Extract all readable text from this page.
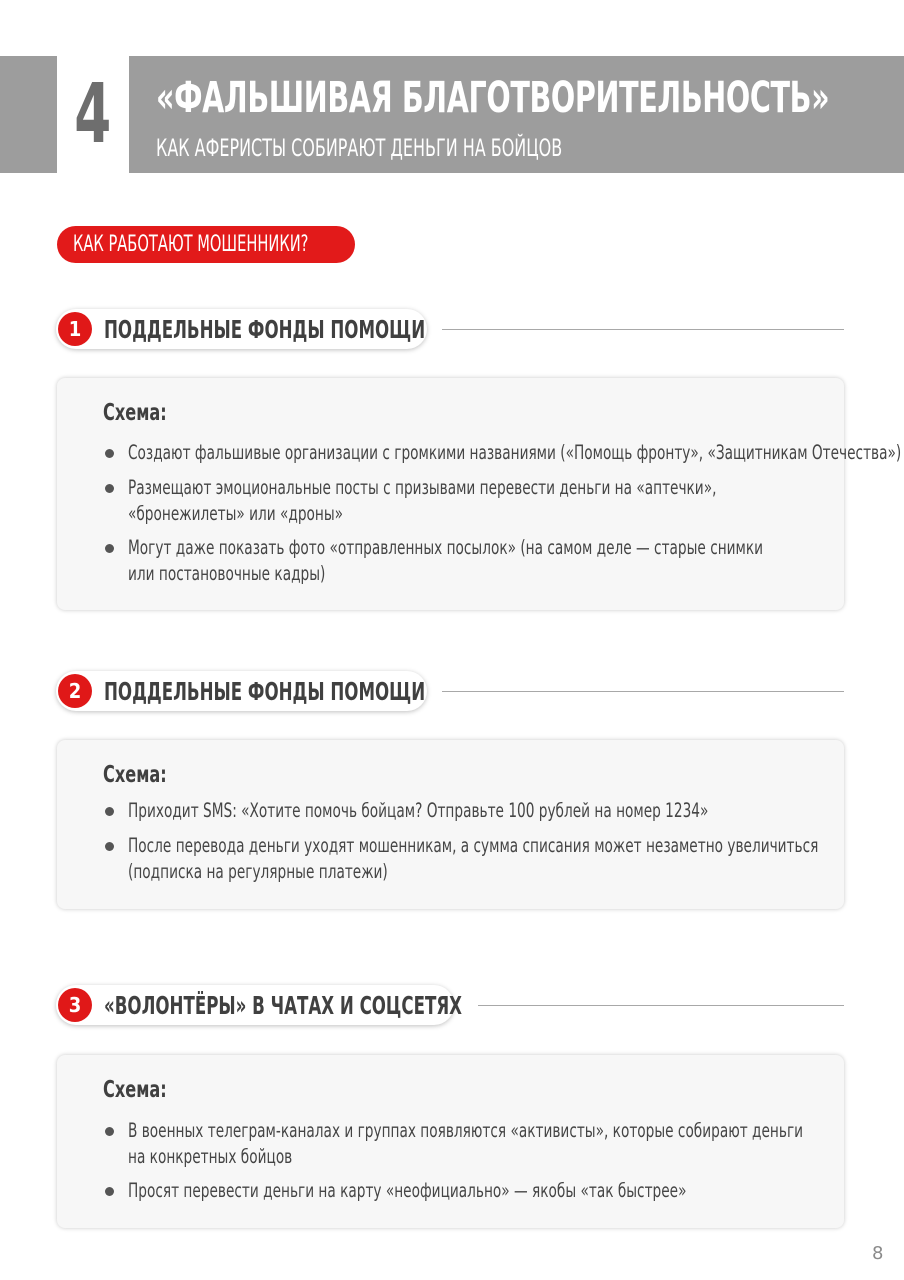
4 «ФАЛЬШИВАЯ БЛАГОТВОРИТЕЛЬНОСТЬ»
КАК АФЕРИСТЫ СОБИРАЮТ ДЕНЬГИ НА БОЙЦОВ
КАК РАБОТАЮТ МОШЕННИКИ?
1 ПОДДЕЛЬНЫЕ ФОНДЫ ПОМОЩИ
Схема:
Создают фальшивые организации с громкими названиями («Помощь фронту», «Защитникам Отечества»)
Размещают эмоциональные посты с призывами перевести деньги на «аптечки»,
«бронежилеты» или «дроны»
Могут даже показать фото «отправленных посылок» (на самом деле — старые снимки
или постановочные кадры)
2 ПОДДЕЛЬНЫЕ ФОНДЫ ПОМОЩИ
Схема:
Приходит SMS: «Хотите помочь бойцам? Отправьте 100 рублей на номер 1234»
После перевода деньги уходят мошенникам, а сумма списания может незаметно увеличиться
(подписка на регулярные платежи)
3 «ВОЛОНТЁРЫ» В ЧАТАХ И СОЦСЕТЯХ
Схема:
В военных телеграм-каналах и группах появляются «активисты», которые собирают деньги
на конкретных бойцов
Просят перевести деньги на карту «неофициально» — якобы «так быстрее»
8
